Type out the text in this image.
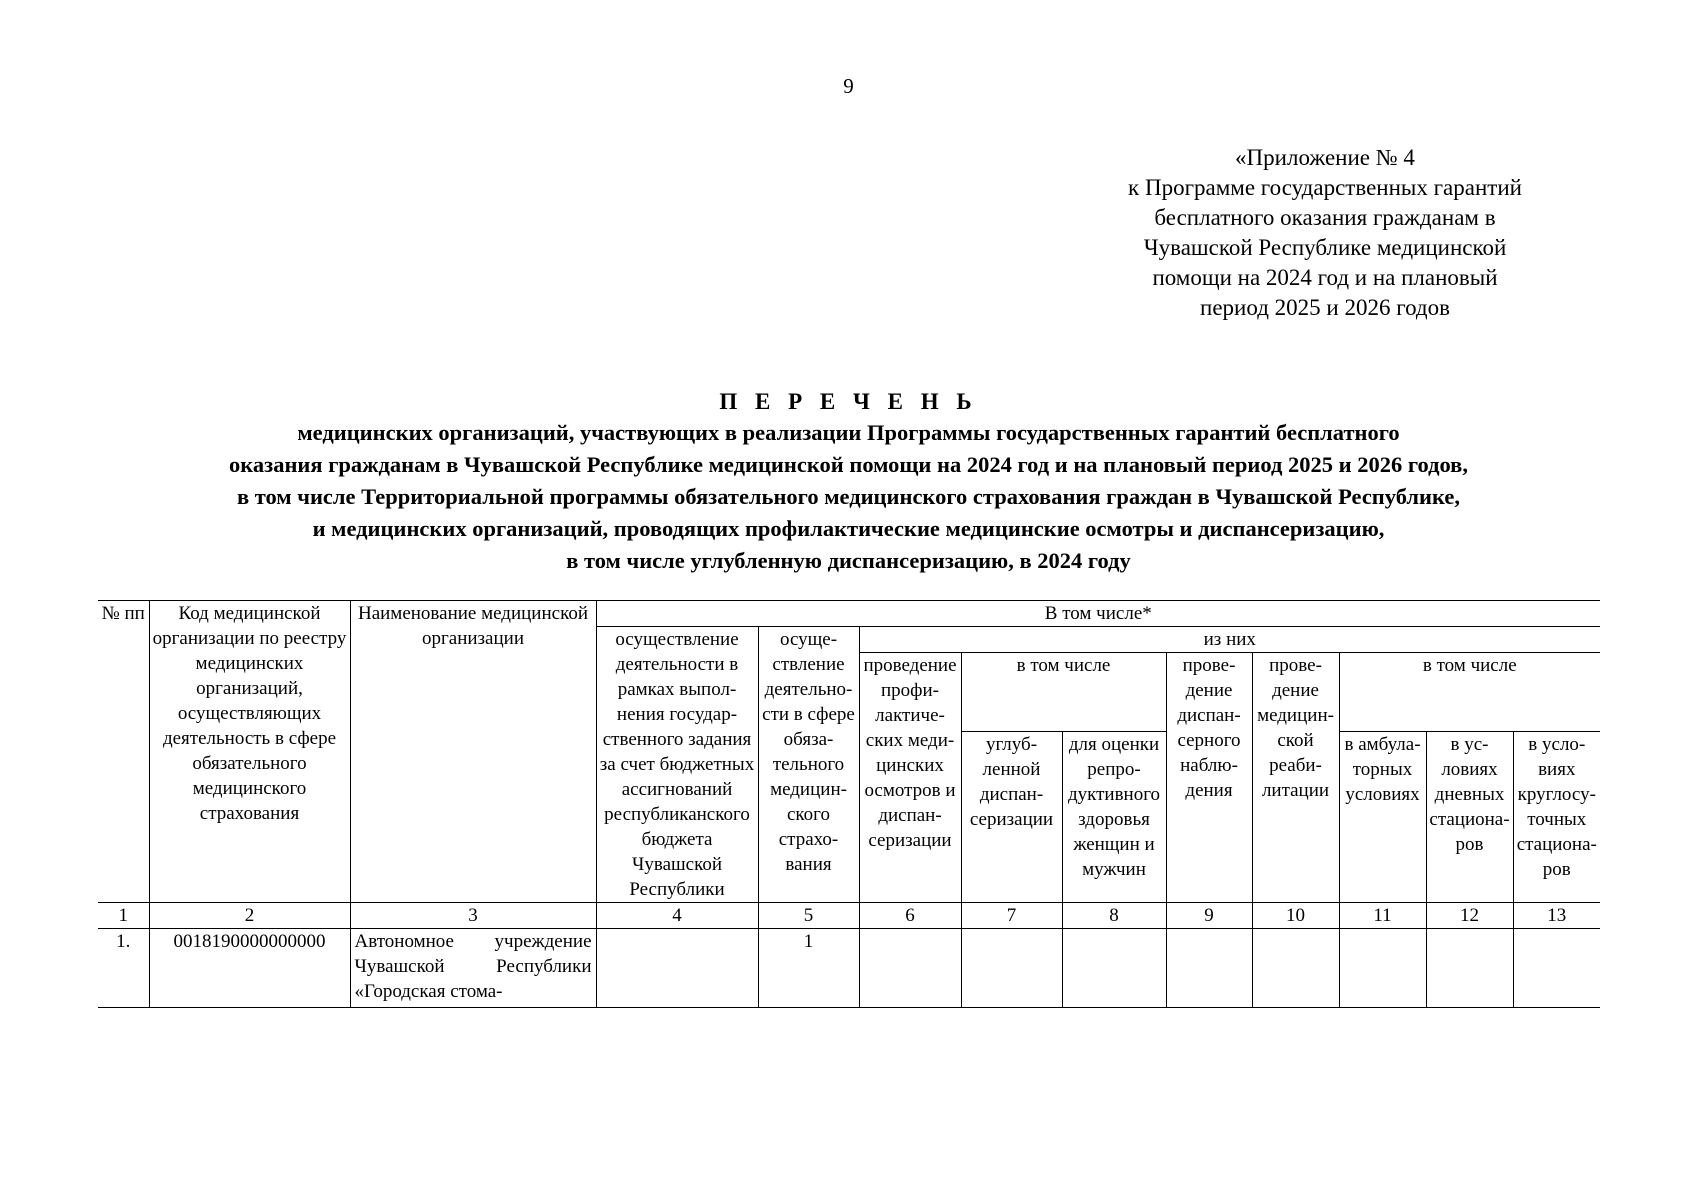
9
«Приложение № 4
к Программе государственных гарантий
бесплатного оказания гражданам в
Чувашской Республике медицинской
помощи на 2024 год и на плановый
период 2025 и 2026 годов
П Е Р Е Ч Е Н Ь
медицинских организаций, участвующих в реализации Программы государственных гарантий бесплатного
оказания гражданам в Чувашской Республике медицинской помощи на 2024 год и на плановый период 2025 и 2026 годов,
в том числе Территориальной программы обязательного медицинского страхования граждан в Чувашской Республике,
и медицинских организаций, проводящих профилактические медицинские осмотры и диспансеризацию,
в том числе углубленную диспансеризацию, в 2024 году
№ пп	Код медицинской организации по реестру медицинских организаций, осуществляющих деятельность в сфере обязательного медицинского страхования	Наименование медицинской организации	В том числе*									
			осуществление деятельности в рамках выполнения государственного задания за счет бюджетных ассигнований республиканского бюджета Чувашской Республики	осуществление деятельности в сфере обязательного медицинского страхования	из них							
					проведение профилактических медицинских осмотров и диспансеризации	в том числе		проведение диспансерного наблюдения	проведение медицинской реабилитации	в том числе		
						углубленной диспансеризaции	для оценки репродуктивного здоровья женщин и мужчин			в амбулаторных условиях	в условиях дневных стационаров	в условиях круглосуточных стационаров
1	2	3	4	5	6	7	8	9	10	11	12	13
1.	0018190000000000	Автономное учреждение Чувашской Республики «Городская стома-		1								
